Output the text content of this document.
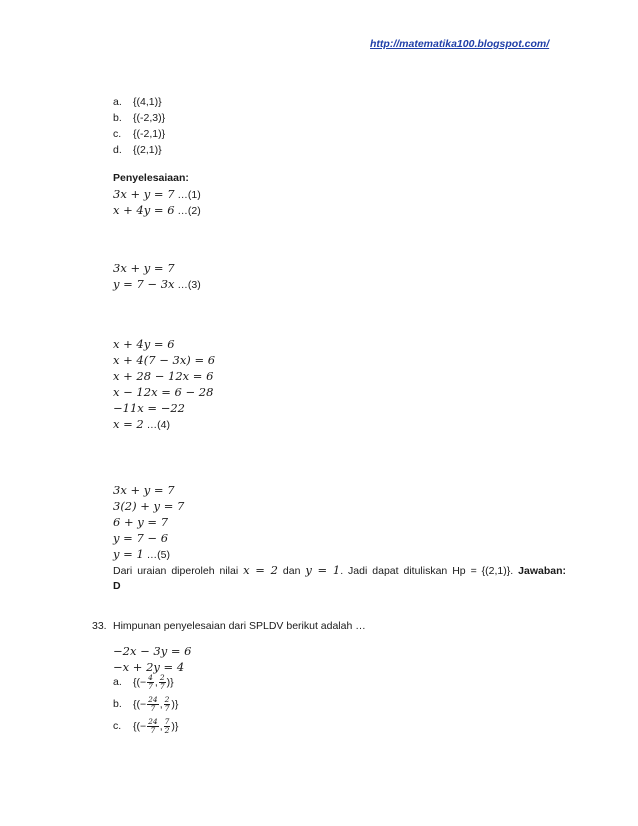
http://matematika100.blogspot.com/
a. {(4,1)}
b. {(-2,3)}
c. {(-2,1)}
d. {(2,1)}
Penyelesaiaan:
3x + y = 7 …(1)
x + 4y = 6 …(2)
3x + y = 7
y = 7 − 3x …(3)
x + 4y = 6
x + 4(7 − 3x) = 6
x + 28 − 12x = 6
x − 12x = 6 − 28
−11x = −22
x = 2 …(4)
3x + y = 7
3(2) + y = 7
6 + y = 7
y = 7 − 6
y = 1 …(5)
Dari uraian diperoleh nilai x = 2 dan y = 1. Jadi dapat dituliskan Hp = {(2,1)}. Jawaban:
D
33. Himpunan penyelesaian dari SPLDV berikut adalah …
−2x − 3y = 6
−x + 2y = 4
a. {(− $\frac{4}{7}$ , $\frac{2}{7}$ )}
b. {(− $\frac{24}{7}$ , $\frac{2}{7}$ )}
c. {(− $\frac{24}{7}$ , $\frac{7}{2}$ )}
